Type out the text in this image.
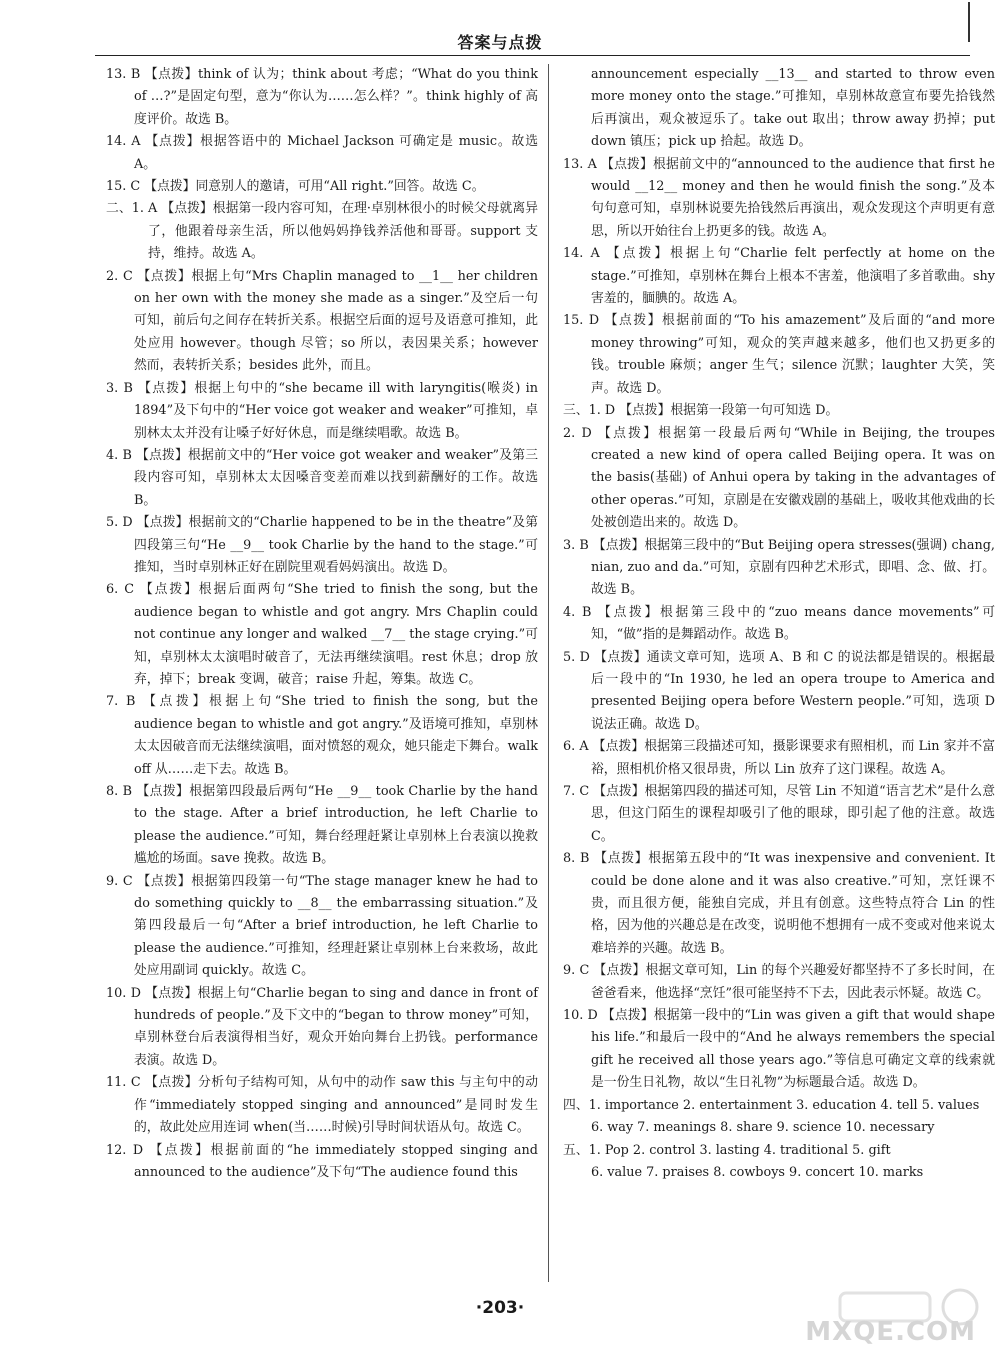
答案与点拨

13. B 【点拨】think of 认为；think about 考虑；“What do you think of …?”是固定句型，意为“你认为……怎么样？”。think highly of 高度评价。故选 B。

14. A 【点拨】根据答语中的 Michael Jackson 可确定是 music。故选 A。

15. C 【点拨】同意别人的邀请，可用“All right.”回答。故选 C。

二、1. A 【点拨】根据第一段内容可知，在理·卓别林很小的时候父母就离异了，他跟着母亲生活，所以他妈妈挣钱养活他和哥哥。support 支持，维持。故选 A。

2. C 【点拨】根据上句“Mrs Chaplin managed to __1__ her children on her own with the money she made as a singer.”及空后一句可知，前后句之间存在转折关系。根据空后面的逗号及语意可推知，此处应用 however。though 尽管；so 所以，表因果关系；however 然而，表转折关系；besides 此外，而且。

3. B 【点拨】根据上句中的“she became ill with laryngitis(喉炎) in 1894”及下句中的“Her voice got weaker and weaker”可推知，卓别林太太并没有让嗓子好好休息，而是继续唱歌。故选 B。

4. B 【点拨】根据前文中的“Her voice got weaker and weaker”及第三段内容可知，卓别林太太因嗓音变差而难以找到薪酬好的工作。故选 B。

5. D 【点拨】根据前文的“Charlie happened to be in the theatre”及第四段第三句“He __9__ took Charlie by the hand to the stage.”可推知，当时卓别林正好在剧院里观看妈妈演出。故选 D。

6. C 【点拨】根据后面两句“She tried to finish the song, but the audience began to whistle and got angry. Mrs Chaplin could not continue any longer and walked __7__ the stage crying.”可知，卓别林太太演唱时破音了，无法再继续演唱。rest 休息；drop 放弃，掉下；break 变调，破音；raise 升起，筹集。故选 C。

7. B 【点拨】根据上句“She tried to finish the song, but the audience began to whistle and got angry.”及语境可推知，卓别林太太因破音而无法继续演唱，面对愤怒的观众，她只能走下舞台。walk off 从……走下去。故选 B。

8. B 【点拨】根据第四段最后两句“He __9__ took Charlie by the hand to the stage. After a brief introduction, he left Charlie to please the audience.”可知，舞台经理赶紧让卓别林上台表演以挽救尴尬的场面。save 挽救。故选 B。

9. C 【点拨】根据第四段第一句“The stage manager knew he had to do something quickly to __8__ the embarrassing situation.”及第四段最后一句“After a brief introduction, he left Charlie to please the audience.”可推知，经理赶紧让卓别林上台来救场，故此处应用副词 quickly。故选 C。

10. D 【点拨】根据上句“Charlie began to sing and dance in front of hundreds of people.”及下文中的“began to throw money”可知，卓别林登台后表演得相当好，观众开始向舞台上扔钱。performance 表演。故选 D。

11. C 【点拨】分析句子结构可知，从句中的动作 saw this 与主句中的动作“immediately stopped singing and announced”是同时发生的，故此处应用连词 when(当……时候)引导时间状语从句。故选 C。

12. D 【点拨】根据前面的“he immediately stopped singing and announced to the audience”及下句“The audience found this

announcement especially __13__ and started to throw even more money onto the stage.”可推知，卓别林故意宣布要先拾钱然后再演出，观众被逗乐了。take out 取出；throw away 扔掉；put down 镇压；pick up 拾起。故选 D。

13. A 【点拨】根据前文中的“announced to the audience that first he would __12__ money and then he would finish the song.”及本句句意可知，卓别林说要先拾钱然后再演出，观众发现这个声明更有意思，所以开始往台上扔更多的钱。故选 A。

14. A 【点拨】根据上句“Charlie felt perfectly at home on the stage.”可推知，卓别林在舞台上根本不害羞，他演唱了多首歌曲。shy 害羞的，腼腆的。故选 A。

15. D 【点拨】根据前面的“To his amazement”及后面的“and more money throwing”可知，观众的笑声越来越多，他们也又扔更多的钱。trouble 麻烦；anger 生气；silence 沉默；laughter 大笑，笑声。故选 D。

三、1. D 【点拨】根据第一段第一句可知选 D。

2. D 【点拨】根据第一段最后两句“While in Beijing, the troupes created a new kind of opera called Beijing opera. It was on the basis(基础) of Anhui opera by taking in the advantages of other operas.”可知，京剧是在安徽戏剧的基础上，吸收其他戏曲的长处被创造出来的。故选 D。

3. B 【点拨】根据第三段中的“But Beijing opera stresses(强调) chang, nian, zuo and da.”可知，京剧有四种艺术形式，即唱、念、做、打。故选 B。

4. B 【点拨】根据第三段中的“zuo means dance movements”可知，“做”指的是舞蹈动作。故选 B。

5. D 【点拨】通读文章可知，选项 A、B 和 C 的说法都是错误的。根据最后一段中的“In 1930, he led an opera troupe to America and presented Beijing opera before Western people.”可知，选项 D 说法正确。故选 D。

6. A 【点拨】根据第三段描述可知，摄影课要求有照相机，而 Lin 家并不富裕，照相机价格又很昂贵，所以 Lin 放弃了这门课程。故选 A。

7. C 【点拨】根据第四段的描述可知，尽管 Lin 不知道“语言艺术”是什么意思，但这门陌生的课程却吸引了他的眼球，即引起了他的注意。故选 C。

8. B 【点拨】根据第五段中的“It was inexpensive and convenient. It could be done alone and it was also creative.”可知，烹饪课不贵，而且很方便，能独自完成，并且有创意。这些特点符合 Lin 的性格，因为他的兴趣总是在改变，说明他不想拥有一成不变或对他来说太难培养的兴趣。故选 B。

9. C 【点拨】根据文章可知，Lin 的每个兴趣爱好都坚持不了多长时间，在爸爸看来，他选择“烹饪”很可能坚持不下去，因此表示怀疑。故选 C。

10. D 【点拨】根据第一段中的“Lin was given a gift that would shape his life.”和最后一段中的“And he always remembers the special gift he received all those years ago.”等信息可确定文章的线索就是一份生日礼物，故以“生日礼物”为标题最合适。故选 D。

四、1. importance 2. entertainment 3. education 4. tell 5. values

6. way 7. meanings 8. share 9. science 10. necessary

五、1. Pop 2. control 3. lasting 4. traditional 5. gift

6. value 7. praises 8. cowboys 9. concert 10. marks

·203·
MXQE.COM
